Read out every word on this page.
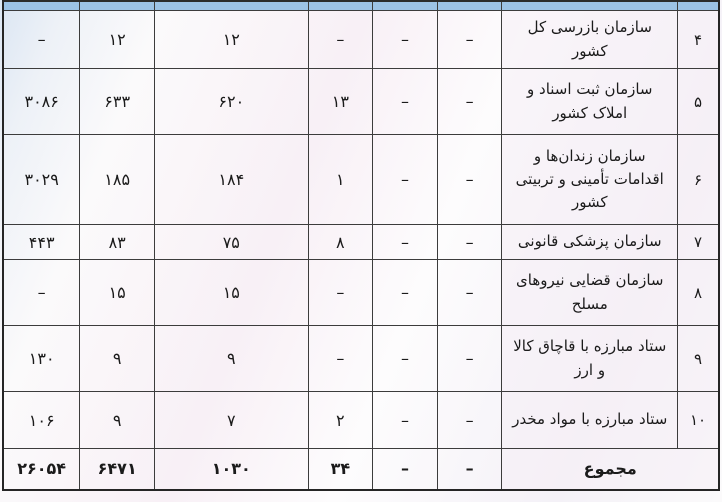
۴	سازمان بازرسی کل کشور	–	–	–	۱۲	۱۲	–
۵	سازمان ثبت اسناد و املاک کشور	–	–	۱۳	۶۲۰	۶۳۳	۳۰۸۶
۶	سازمان زندان‌ها و اقدامات تأمینی و تربیتی کشور	–	–	۱	۱۸۴	۱۸۵	۳۰۲۹
۷	سازمان پزشکی قانونی	–	–	۸	۷۵	۸۳	۴۴۳
۸	سازمان قضایی نیروهای مسلح	–	–	–	۱۵	۱۵	–
۹	ستاد مبارزه با قاچاق کالا و ارز	–	–	–	۹	۹	۱۳۰
۱۰	ستاد مبارزه با مواد مخدر	–	–	۲	۷	۹	۱۰۶
مجموع		–	–	۳۴	۱۰۳۰	۶۴۷۱	۲۶۰۵۴
